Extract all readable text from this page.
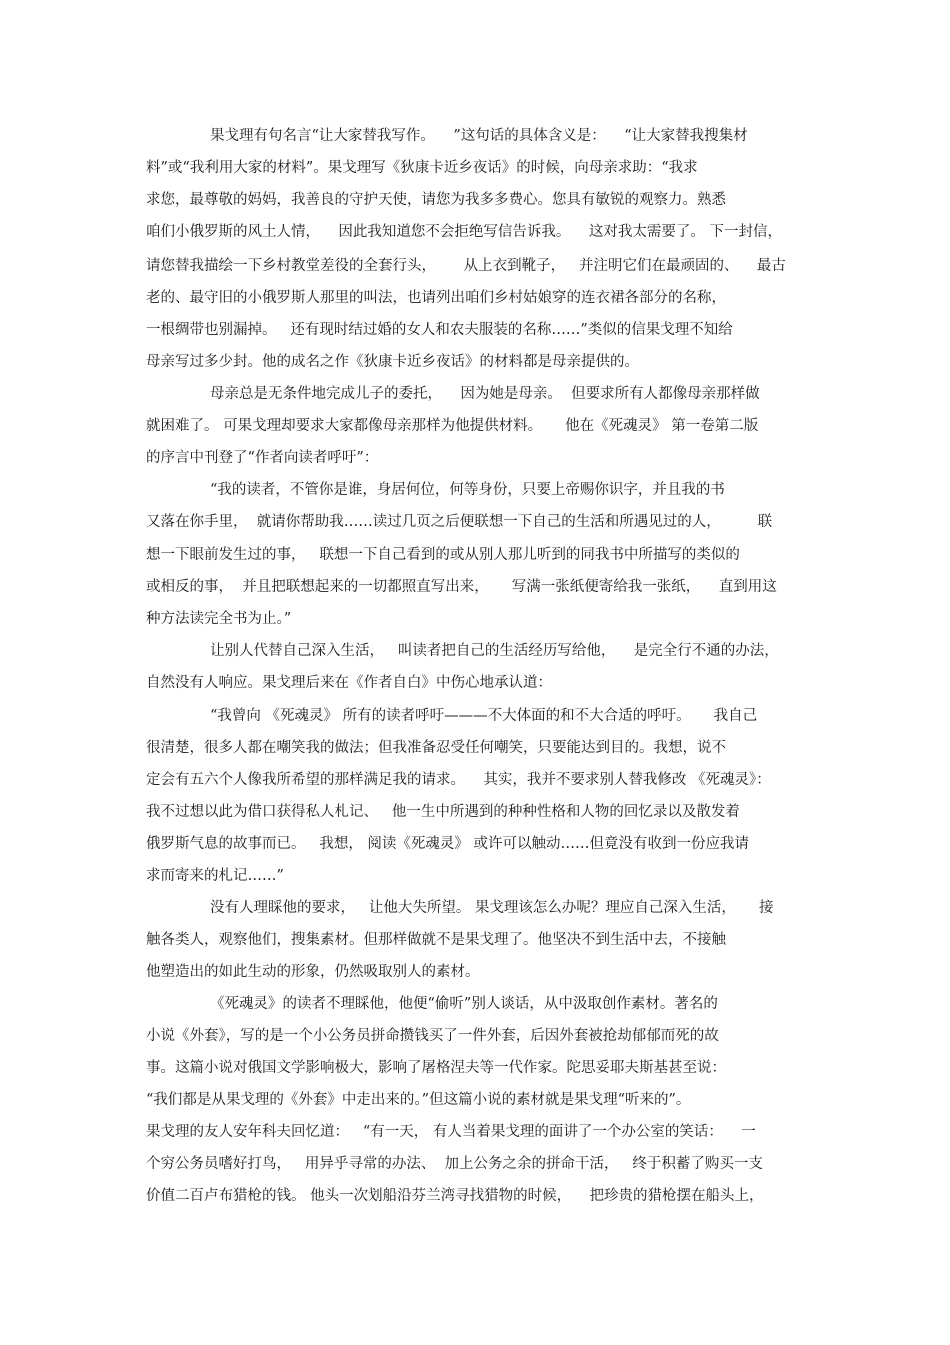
果戈理有句名言“让大家替我写作。    ”这句话的具体含义是：    “让大家替我搜集材
料”或“我利用大家的材料”。果戈理写《狄康卡近乡夜话》的时候，向母亲求助：“我求
求您，最尊敬的妈妈，我善良的守护天使，请您为我多多费心。您具有敏锐的观察力。熟悉
咱们小俄罗斯的风土人情，    因此我知道您不会拒绝写信告诉我。    这对我太需要了。 下一封信，
请您替我描绘一下乡村教堂差役的全套行头，      从上衣到靴子，   并注明它们在最顽固的、    最古
老的、最守旧的小俄罗斯人那里的叫法，也请列出咱们乡村姑娘穿的连衣裙各部分的名称，
一根绸带也别漏掉。   还有现时结过婚的女人和农夫服装的名称……”类似的信果戈理不知给
母亲写过多少封。他的成名之作《狄康卡近乡夜话》的材料都是母亲提供的。
母亲总是无条件地完成儿子的委托，    因为她是母亲。  但要求所有人都像母亲那样做
就困难了。 可果戈理却要求大家都像母亲那样为他提供材料。     他在《死魂灵》 第一卷第二版
的序言中刊登了“作者向读者呼吁”：
“我的读者，不管你是谁，身居何位，何等身份，只要上帝赐你识字，并且我的书
又落在你手里，  就请你帮助我……读过几页之后便联想一下自己的生活和所遇见过的人，        联
想一下眼前发生过的事，   联想一下自己看到的或从别人那儿听到的同我书中所描写的类似的
或相反的事，  并且把联想起来的一切都照直写出来，     写满一张纸便寄给我一张纸，    直到用这
种方法读完全书为止。”
让别人代替自己深入生活，   叫读者把自己的生活经历写给他，    是完全行不通的办法，
自然没有人响应。果戈理后来在《作者自白》中伤心地承认道：
“我曾向 《死魂灵》 所有的读者呼吁———不大体面的和不大合适的呼吁。     我自己
很清楚，很多人都在嘲笑我的做法；但我准备忍受任何嘲笑，只要能达到目的。我想，说不
定会有五六个人像我所希望的那样满足我的请求。    其实，我并不要求别人替我修改 《死魂灵》：
我不过想以此为借口获得私人札记、   他一生中所遇到的种种性格和人物的回忆录以及散发着
俄罗斯气息的故事而已。   我想， 阅读《死魂灵》 或许可以触动……但竟没有收到一份应我请
求而寄来的札记……”
没有人理睬他的要求，   让他大失所望。 果戈理该怎么办呢？理应自己深入生活，     接
触各类人，观察他们，搜集素材。但那样做就不是果戈理了。他坚决不到生活中去，不接触
他塑造出的如此生动的形象，仍然吸取别人的素材。
《死魂灵》的读者不理睬他，他便“偷听”别人谈话，从中汲取创作素材。著名的
小说《外套》，写的是一个小公务员拼命攒钱买了一件外套，后因外套被抢劫郁郁而死的故
事。这篇小说对俄国文学影响极大，影响了屠格涅夫等一代作家。陀思妥耶夫斯基甚至说：
“我们都是从果戈理的《外套》中走出来的。”但这篇小说的素材就是果戈理“听来的”。
果戈理的友人安年科夫回忆道：   “有一天， 有人当着果戈理的面讲了一个办公室的笑话：    一
个穷公务员嗜好打鸟，   用异乎寻常的办法、  加上公务之余的拼命干活，   终于积蓄了购买一支
价值二百卢布猎枪的钱。 他头一次划船沿芬兰湾寻找猎物的时候，    把珍贵的猎枪摆在船头上，
